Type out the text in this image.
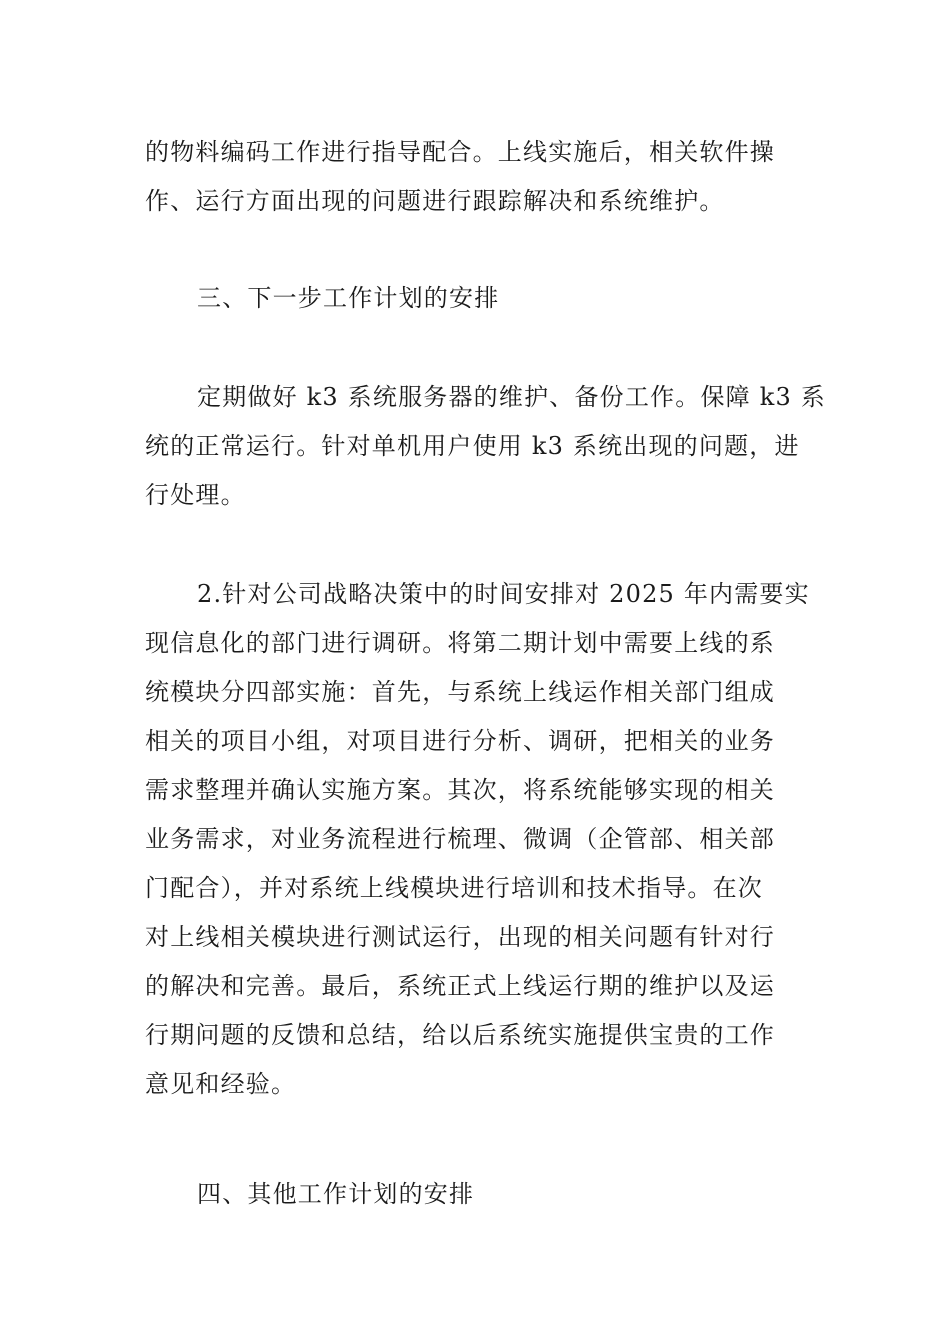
的物料编码工作进行指导配合。上线实施后，相关软件操
作、运行方面出现的问题进行跟踪解决和系统维护。
三、下一步工作计划的安排
定期做好 k3 系统服务器的维护、备份工作。保障 k3 系
统的正常运行。针对单机用户使用 k3 系统出现的问题，进
行处理。
2.针对公司战略决策中的时间安排对 2025 年内需要实
现信息化的部门进行调研。将第二期计划中需要上线的系
统模块分四部实施：首先，与系统上线运作相关部门组成
相关的项目小组，对项目进行分析、调研，把相关的业务
需求整理并确认实施方案。其次，将系统能够实现的相关
业务需求，对业务流程进行梳理、微调（企管部、相关部
门配合），并对系统上线模块进行培训和技术指导。在次
对上线相关模块进行测试运行，出现的相关问题有针对行
的解决和完善。最后，系统正式上线运行期的维护以及运
行期问题的反馈和总结，给以后系统实施提供宝贵的工作
意见和经验。
四、其他工作计划的安排
